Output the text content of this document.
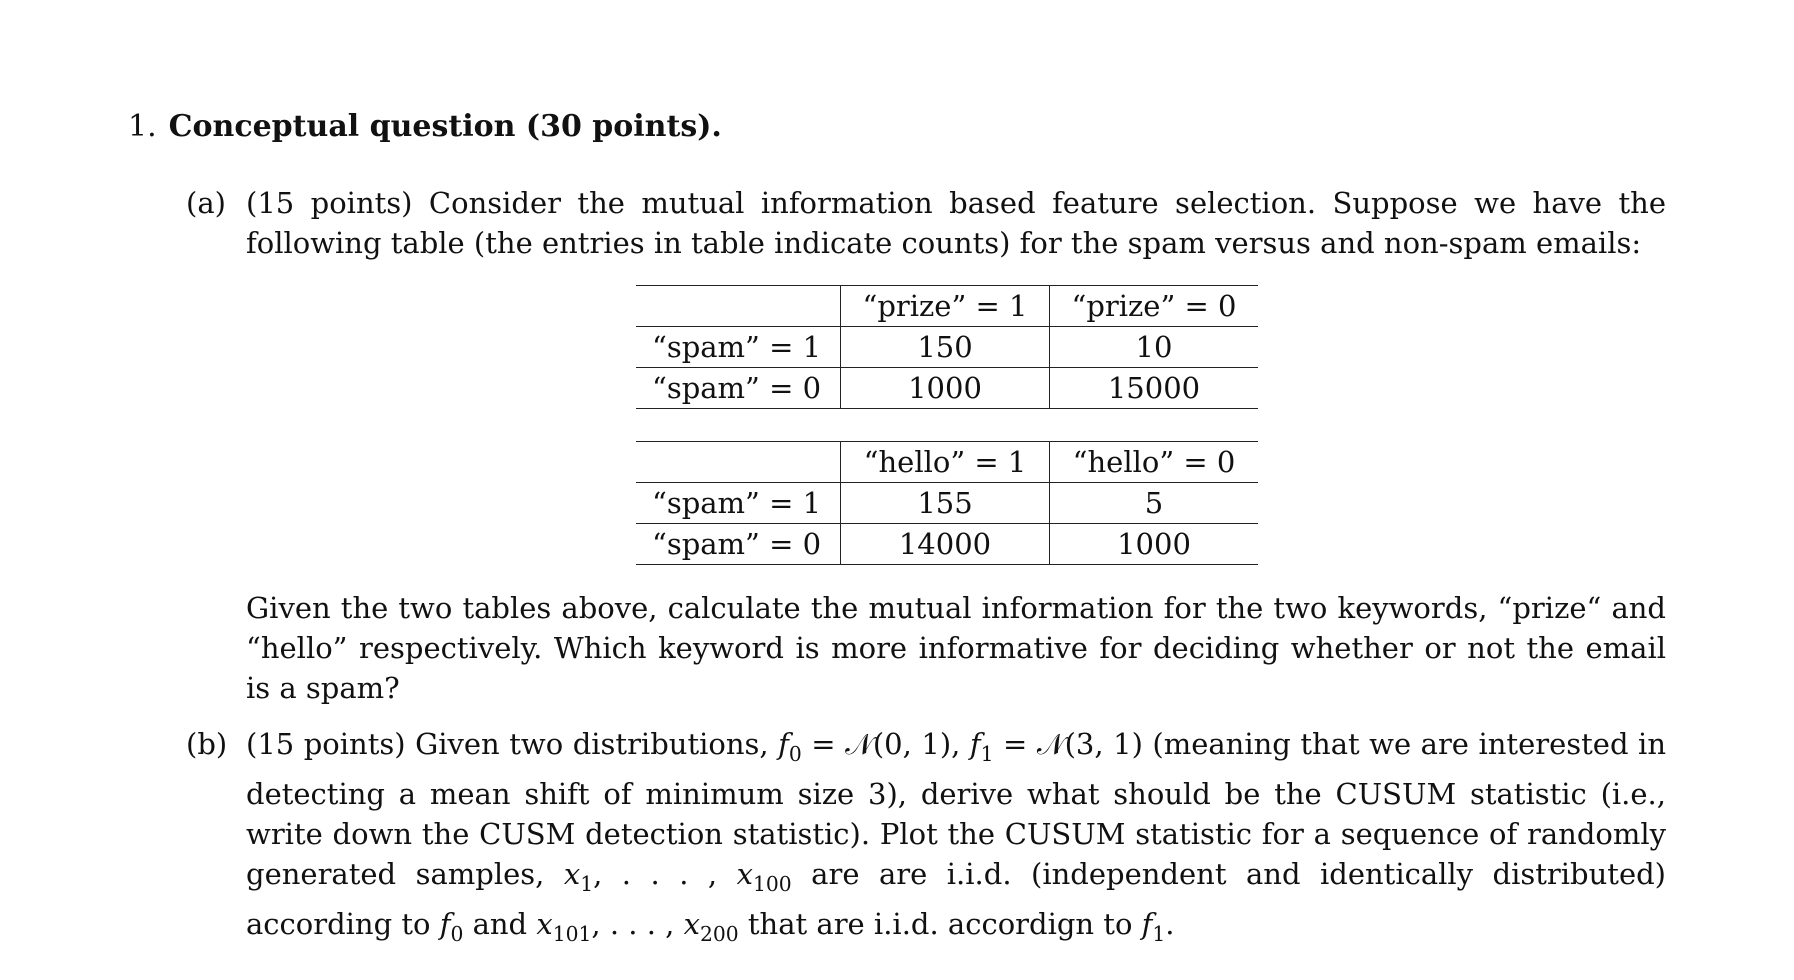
1. Conceptual question (30 points).
(a) (15 points) Consider the mutual information based feature selection. Suppose we have the following table (the entries in table indicate counts) for the spam versus and non-spam emails:
	“prize” = 1	“prize” = 0
“spam” = 1	150	10
“spam” = 0	1000	15000
	“hello” = 1	“hello” = 0
“spam” = 1	155	5
“spam” = 0	14000	1000
Given the two tables above, calculate the mutual information for the two keywords, “prize“ and “hello” respectively. Which keyword is more informative for deciding whether or not the email is a spam?
(b) (15 points) Given two distributions, $f_0$ = 𝒩(0, 1), $f_1$ = 𝒩(3, 1) (meaning that we are interested in detecting a mean shift of minimum size 3), derive what should be the CUSUM statistic (i.e., write down the CUSM detection statistic). Plot the CUSUM statistic for a sequence of randomly generated samples, $x_1$, . . . , $x_{100}$ are are i.i.d. (independent and identically distributed) according to $f_0$ and $x_{101}$, . . . , $x_{200}$ that are i.i.d. accordign to $f_1$.
